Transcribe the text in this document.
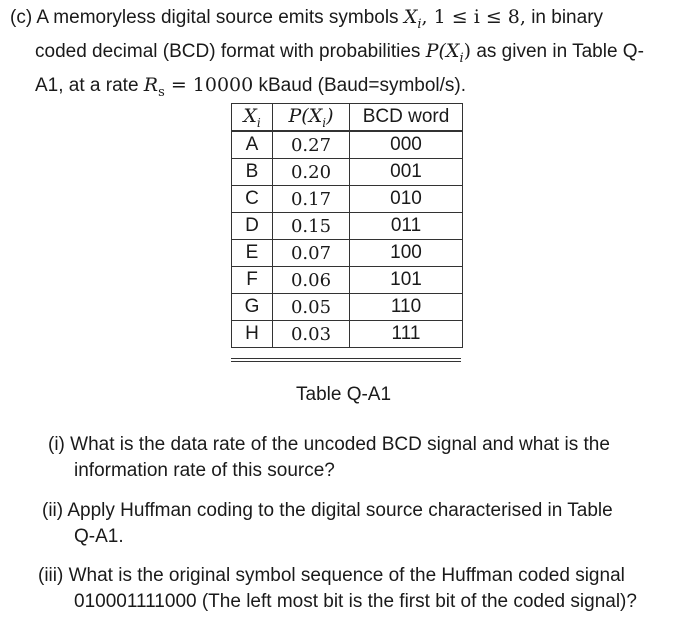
(c) A memoryless digital source emits symbols $X_i$, 1 ≤ i ≤ 8, in binary
coded decimal (BCD) format with probabilities $P(X_i)$ as given in Table Q-
A1, at a rate $R_s = 10000$ kBaud (Baud=symbol/s).
$X_i$	$P(X_i)$	BCD word
A	0.27	000
B	0.20	001
C	0.17	010
D	0.15	011
E	0.07	100
F	0.06	101
G	0.05	110
H	0.03	111
Table Q-A1
(i) What is the data rate of the uncoded BCD signal and what is the
information rate of this source?
(ii) Apply Huffman coding to the digital source characterised in Table
Q-A1.
(iii) What is the original symbol sequence of the Huffman coded signal
010001111000 (The left most bit is the first bit of the coded signal)?
